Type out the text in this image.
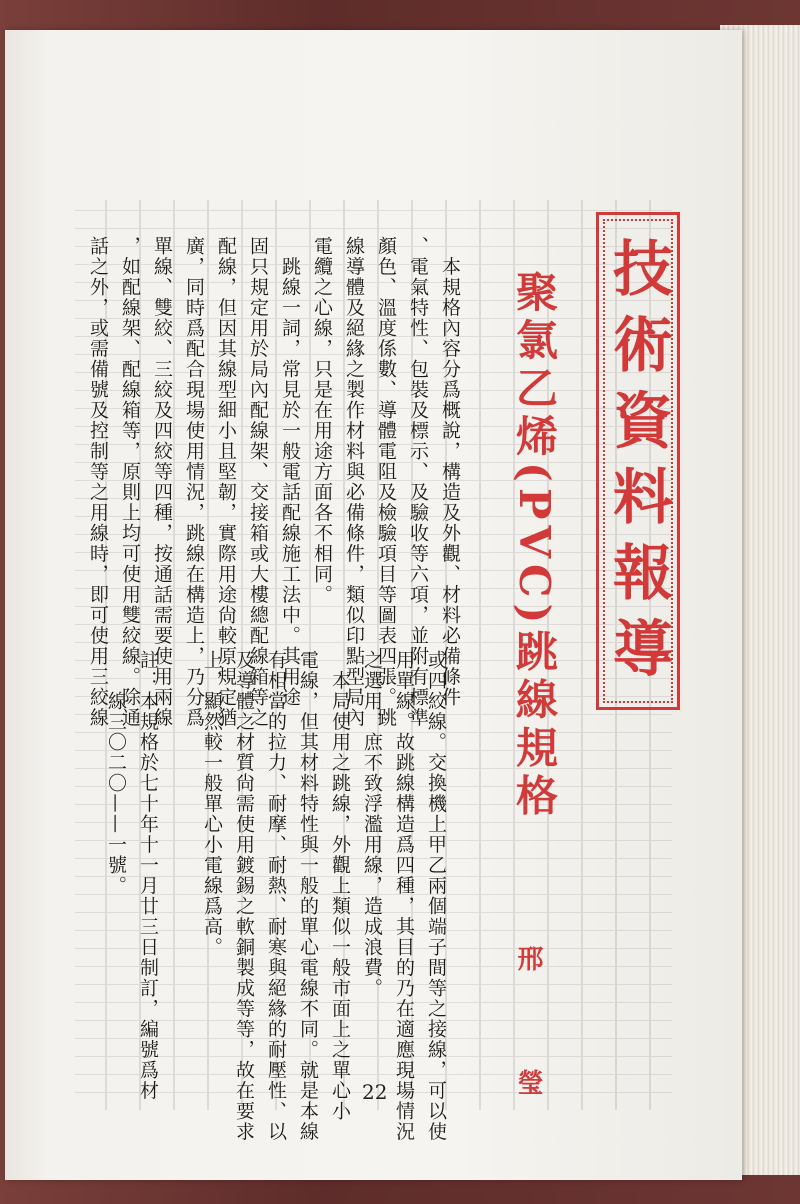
技術資料報導
聚氯乙烯(PVC)跳線規格
邢　瑩
　本規格內容分爲概說，構造及外觀、材料必備條件
、電氣特性、包裝及標示、及驗收等六項，並附有標準
顏色、溫度係數、導體電阻及檢驗項目等圖表四張。跳
線導體及絕緣之製作材料與必備條件，類似印點型局內
電纜之心線，只是在用途方面各不相同。
　跳線一詞，常見於一般電話配線施工法中。其用途
固只規定用於局內配線架、交接箱或大樓總配線箱等之
配線，但因其線型細小且堅韌，實際用途尙較原規定猶
廣，同時爲配合現場使用情況，跳線在構造上，乃分爲
單線、雙絞、三絞及四絞等四種，按通話需要使用兩線
，如配線架、配線箱等，原則上均可使用雙絞線。除通
話之外，或需備號及控制等之用線時，即可使用三絞線
或四絞線。交換機上甲乙兩個端子間等之接線，可以使
用單線。故跳線構造爲四種，其目的乃在適應現場情況
之選用，庶不致浮濫用線，造成浪費。
　本局使用之跳線，外觀上類似一般市面上之單心小
電線，但其材料特性與一般的單心電線不同。就是本線
有相當的拉力、耐摩、耐熱、耐寒與絕緣的耐壓性、以
及導體之材質尙需使用鍍錫之軟銅製成等等，故在要求
上，顯然較一般單心小電線爲高。
註：本規格於七十年十一月廿三日制訂，編號爲材
　　線三〇二〇——一號。
22
